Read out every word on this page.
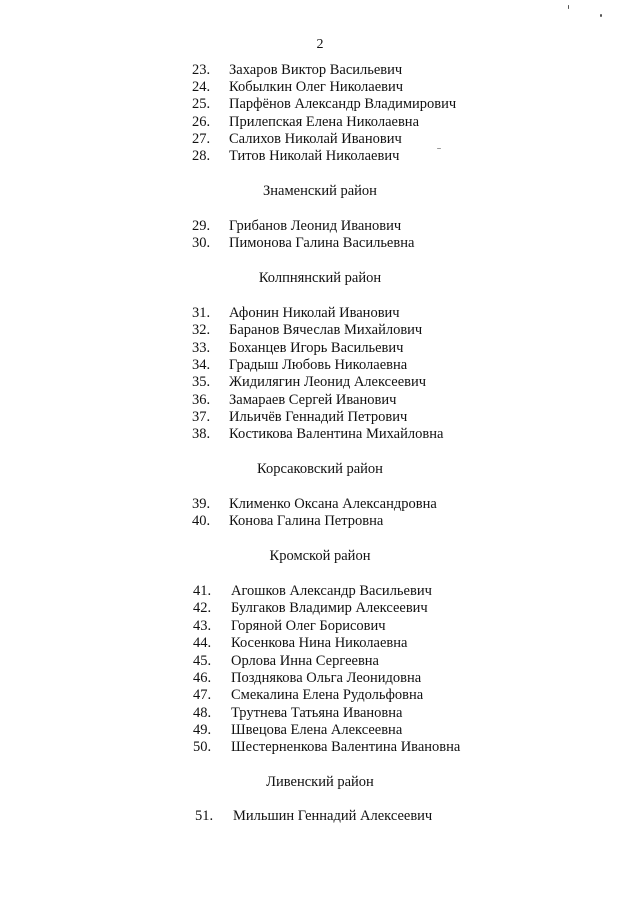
2
23. Захаров Виктор Васильевич
24. Кобылкин Олег Николаевич
25. Парфёнов Александр Владимирович
26. Прилепская Елена Николаевна
27. Салихов Николай Иванович
28. Титов Николай Николаевич
Знаменский район
29. Грибанов Леонид Иванович
30. Пимонова Галина Васильевна
Колпнянский район
31. Афонин Николай Иванович
32. Баранов Вячеслав Михайлович
33. Боханцев Игорь Васильевич
34. Градыш Любовь Николаевна
35. Жидилягин Леонид Алексеевич
36. Замараев Сергей Иванович
37. Ильичёв Геннадий Петрович
38. Костикова Валентина Михайловна
Корсаковский район
39. Клименко Оксана Александровна
40. Конова Галина Петровна
Кромской район
41. Агошков Александр Васильевич
42. Булгаков Владимир Алексеевич
43. Горяной Олег Борисович
44. Косенкова Нина Николаевна
45. Орлова Инна Сергеевна
46. Позднякова Ольга Леонидовна
47. Смекалина Елена Рудольфовна
48. Трутнева Татьяна Ивановна
49. Швецова Елена Алексеевна
50. Шестерненкова Валентина Ивановна
Ливенский район
51. Мильшин Геннадий Алексеевич
